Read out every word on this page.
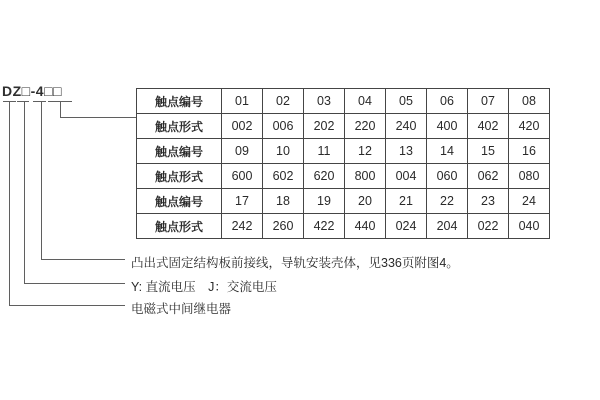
DZ□-4□□
触点编号	01	02	03	04	05	06	07	08
触点形式	002	006	202	220	240	400	402	420
触点编号	09	10	11	12	13	14	15	16
触点形式	600	602	620	800	004	060	062	080
触点编号	17	18	19	20	21	22	23	24
触点形式	242	260	422	440	024	204	022	040
凸出式固定结构板前接线，导轨安装壳体，见336页附图4。
Y: 直流电压　J：交流电压
电磁式中间继电器
